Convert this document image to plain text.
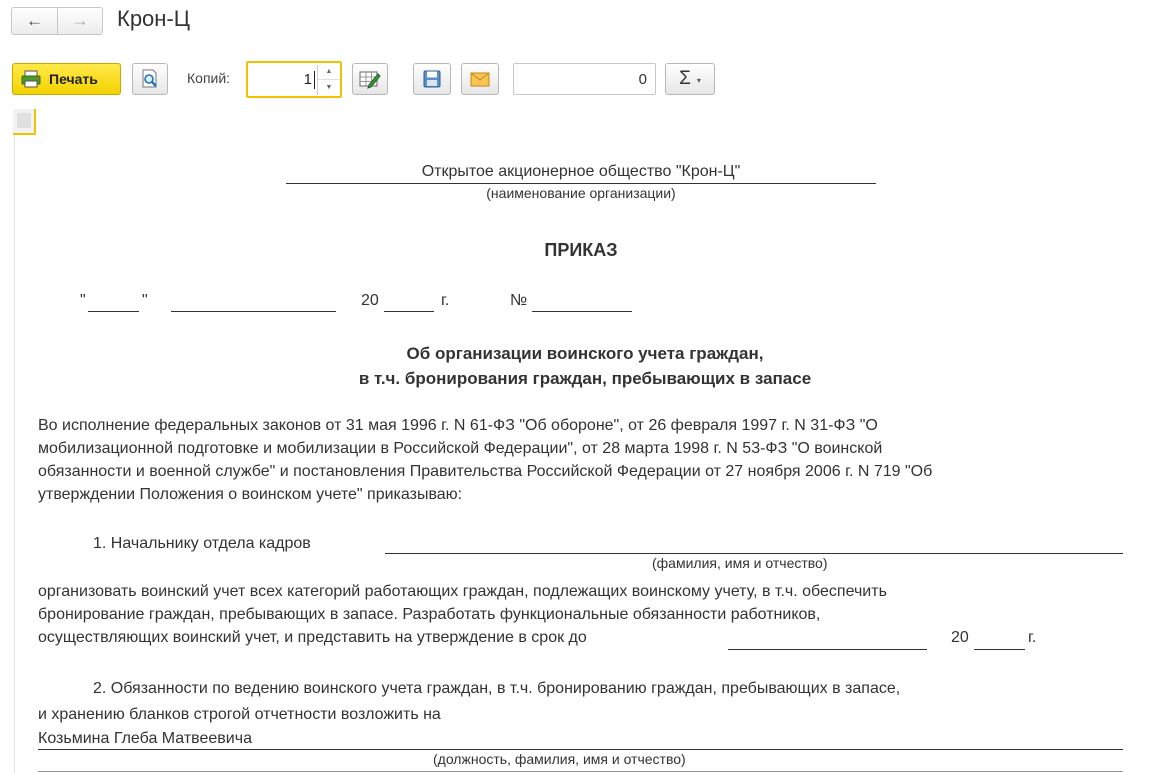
← → Крон-Ц
Печать	Копий:
1	▲
▼	0	Σ ▾
Открытое акционерное общество "Крон-Ц"
(наименование организации)
ПРИКАЗ
"	"	20	г.	№
Об организации воинского учета граждан,
в т.ч. бронирования граждан, пребывающих в запасе
Во исполнение федеральных законов от 31 мая 1996 г. N 61-ФЗ "Об обороне", от 26 февраля 1997 г. N 31-ФЗ "О
мобилизационной подготовке и мобилизации в Российской Федерации", от 28 марта 1998 г. N 53-ФЗ "О воинской
обязанности и военной службе" и постановления Правительства Российской Федерации от 27 ноября 2006 г. N 719 "Об
утверждении Положения о воинском учете" приказываю:
1. Начальнику отдела кадров
(фамилия, имя и отчество)
организовать воинский учет всех категорий работающих граждан, подлежащих воинскому учету, в т.ч. обеспечить
бронирование граждан, пребывающих в запасе. Разработать функциональные обязанности работников,
осуществляющих воинский учет, и представить на утверждение в срок до	20	г.
2. Обязанности по ведению воинского учета граждан, в т.ч. бронированию граждан, пребывающих в запасе,
и хранению бланков строгой отчетности возложить на
Козьмина Глеба Матвеевича
(должность, фамилия, имя и отчество)
